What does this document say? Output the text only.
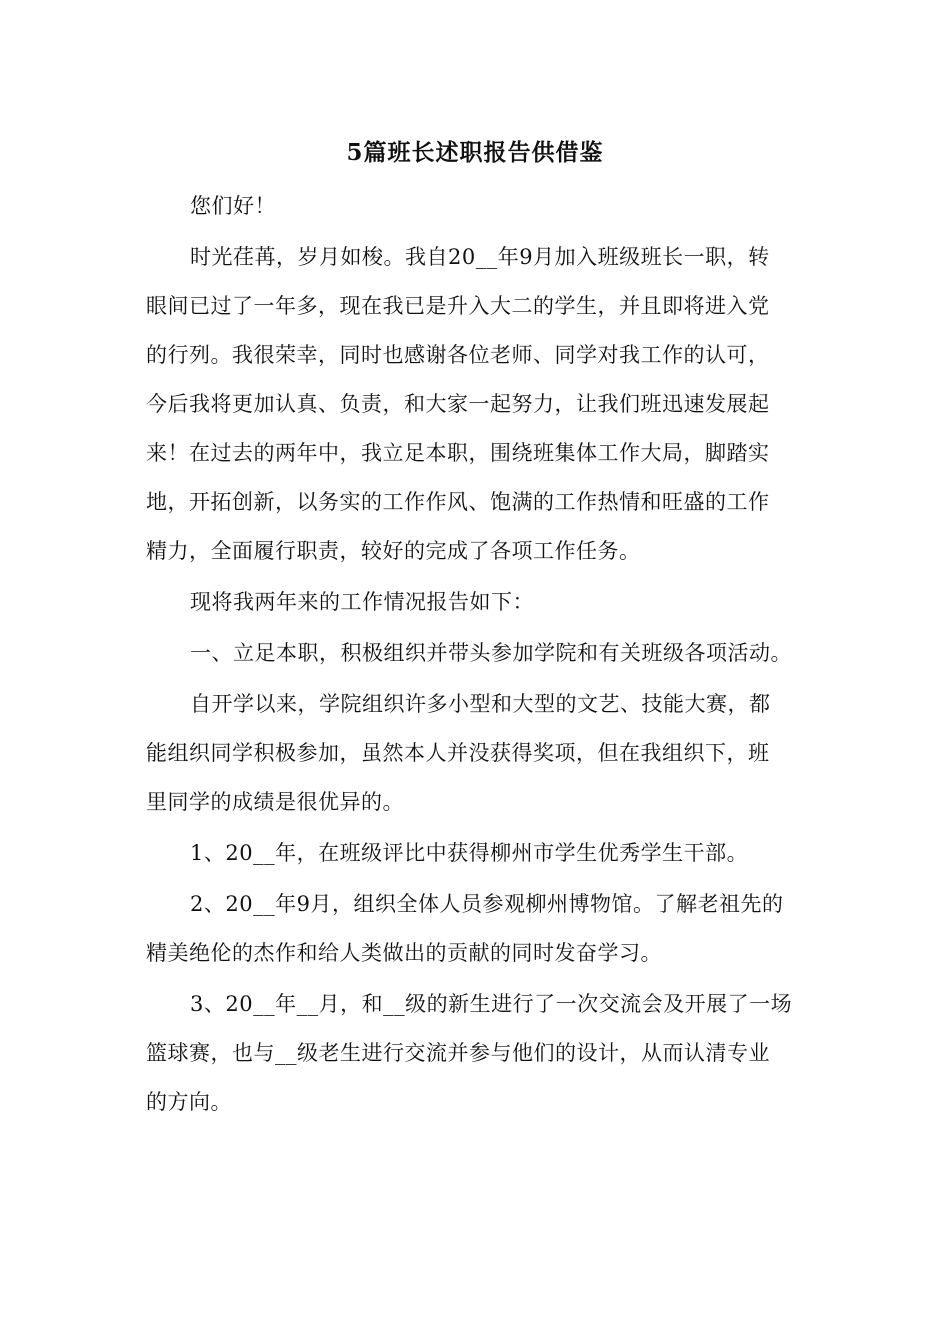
5篇班长述职报告供借鉴
您们好！
时光荏苒，岁月如梭。我自20__年9月加入班级班长一职，转
眼间已过了一年多，现在我已是升入大二的学生，并且即将进入党
的行列。我很荣幸，同时也感谢各位老师、同学对我工作的认可，
今后我将更加认真、负责，和大家一起努力，让我们班迅速发展起
来！在过去的两年中，我立足本职，围绕班集体工作大局，脚踏实
地，开拓创新，以务实的工作作风、饱满的工作热情和旺盛的工作
精力，全面履行职责，较好的完成了各项工作任务。
现将我两年来的工作情况报告如下：
一、立足本职，积极组织并带头参加学院和有关班级各项活动。
自开学以来，学院组织许多小型和大型的文艺、技能大赛，都
能组织同学积极参加，虽然本人并没获得奖项，但在我组织下，班
里同学的成绩是很优异的。
1、20__年，在班级评比中获得柳州市学生优秀学生干部。
2、20__年9月，组织全体人员参观柳州博物馆。了解老祖先的
精美绝伦的杰作和给人类做出的贡献的同时发奋学习。
3、20__年__月，和__级的新生进行了一次交流会及开展了一场
篮球赛，也与__级老生进行交流并参与他们的设计，从而认清专业
的方向。
